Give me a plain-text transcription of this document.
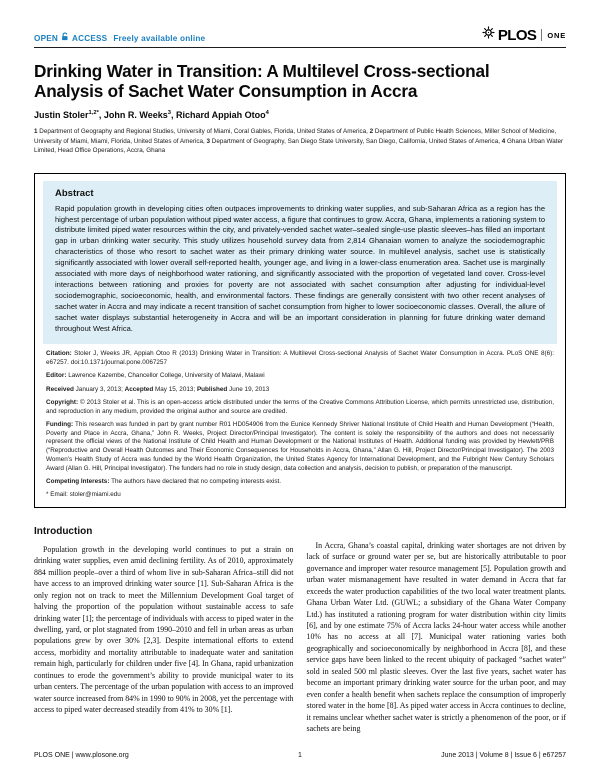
OPEN ACCESS Freely available online	PLOS ONE
Drinking Water in Transition: A Multilevel Cross-sectional
Analysis of Sachet Water Consumption in Accra
Justin Stoler$^{1,2*}$, John R. Weeks$^3$, Richard Appiah Otoo$^4$
1 Department of Geography and Regional Studies, University of Miami, Coral Gables, Florida, United States of America, 2 Department of Public Health Sciences, Miller School of Medicine, University of Miami, Miami, Florida, United States of America, 3 Department of Geography, San Diego State University, San Diego, California, United States of America, 4 Ghana Urban Water Limited, Head Office Operations, Accra, Ghana
Abstract
Rapid population growth in developing cities often outpaces improvements to drinking water supplies, and sub-Saharan Africa as a region has the highest percentage of urban population without piped water access, a figure that continues to grow. Accra, Ghana, implements a rationing system to distribute limited piped water resources within the city, and privately-vended sachet water–sealed single-use plastic sleeves–has filled an important gap in urban drinking water security. This study utilizes household survey data from 2,814 Ghanaian women to analyze the sociodemographic characteristics of those who resort to sachet water as their primary drinking water source. In multilevel analysis, sachet use is statistically significantly associated with lower overall self-reported health, younger age, and living in a lower-class enumeration area. Sachet use is marginally associated with more days of neighborhood water rationing, and significantly associated with the proportion of vegetated land cover. Cross-level interactions between rationing and proxies for poverty are not associated with sachet consumption after adjusting for individual-level sociodemographic, socioeconomic, health, and environmental factors. These findings are generally consistent with two other recent analyses of sachet water in Accra and may indicate a recent transition of sachet consumption from higher to lower socioeconomic classes. Overall, the allure of sachet water displays substantial heterogeneity in Accra and will be an important consideration in planning for future drinking water demand throughout West Africa.
Citation: Stoler J, Weeks JR, Appiah Otoo R (2013) Drinking Water in Transition: A Multilevel Cross-sectional Analysis of Sachet Water Consumption in Accra. PLoS ONE 8(6): e67257. doi:10.1371/journal.pone.0067257
Editor: Lawrence Kazembe, Chancellor College, University of Malawi, Malawi
Received January 3, 2013; Accepted May 15, 2013; Published June 19, 2013
Copyright: © 2013 Stoler et al. This is an open-access article distributed under the terms of the Creative Commons Attribution License, which permits unrestricted use, distribution, and reproduction in any medium, provided the original author and source are credited.
Funding: This research was funded in part by grant number R01 HD054906 from the Eunice Kennedy Shriver National Institute of Child Health and Human Development (“Health, Poverty and Place in Accra, Ghana,” John R. Weeks, Project Director/Principal Investigator). The content is solely the responsibility of the authors and does not necessarily represent the official views of the National Institute of Child Health and Human Development or the National Institutes of Health. Additional funding was provided by Hewlett/PRB (“Reproductive and Overall Health Outcomes and Their Economic Consequences for Households in Accra, Ghana,” Allan G. Hill, Project Director/Principal Investigator). The 2003 Women’s Health Study of Accra was funded by the World Health Organization, the United States Agency for International Development, and the Fulbright New Century Scholars Award (Allan G. Hill, Principal Investigator). The funders had no role in study design, data collection and analysis, decision to publish, or preparation of the manuscript.
Competing Interests: The authors have declared that no competing interests exist.
* Email: stoler@miami.edu
Introduction
Population growth in the developing world continues to put a strain on drinking water supplies, even amid declining fertility. As of 2010, approximately 884 million people–over a third of whom live in sub-Saharan Africa–still did not have access to an improved drinking water source [1]. Sub-Saharan Africa is the only region not on track to meet the Millennium Development Goal target of halving the proportion of the population without sustainable access to safe drinking water [1]; the percentage of individuals with access to piped water in the dwelling, yard, or plot stagnated from 1990–2010 and fell in urban areas as urban populations grew by over 30% [2,3]. Despite international efforts to extend access, morbidity and mortality attributable to inadequate water and sanitation remain high, particularly for children under five [4]. In Ghana, rapid urbanization continues to erode the government’s ability to provide municipal water to its urban centers. The percentage of the urban population with access to an improved water source increased from 84% in 1990 to 90% in 2008, yet the percentage with access to piped water decreased steadily from 41% to 30% [1].
In Accra, Ghana’s coastal capital, drinking water shortages are not driven by lack of surface or ground water per se, but are historically attributable to poor governance and improper water resource management [5]. Population growth and urban water mismanagement have resulted in water demand in Accra that far exceeds the water production capabilities of the two local water treatment plants. Ghana Urban Water Ltd. (GUWL; a subsidiary of the Ghana Water Company Ltd.) has instituted a rationing program for water distribution within city limits [6], and by one estimate 75% of Accra lacks 24-hour water access while another 10% has no access at all [7]. Municipal water rationing varies both geographically and socioeconomically by neighborhood in Accra [8], and these service gaps have been linked to the recent ubiquity of packaged “sachet water” sold in sealed 500 ml plastic sleeves. Over the last five years, sachet water has become an important primary drinking water source for the urban poor, and may even confer a health benefit when sachets replace the consumption of improperly stored water in the home [8]. As piped water access in Accra continues to decline, it remains unclear whether sachet water is strictly a phenomenon of the poor, or if sachets are being
1
PLOS ONE | www.plosone.org	June 2013 | Volume 8 | Issue 6 | e67257
